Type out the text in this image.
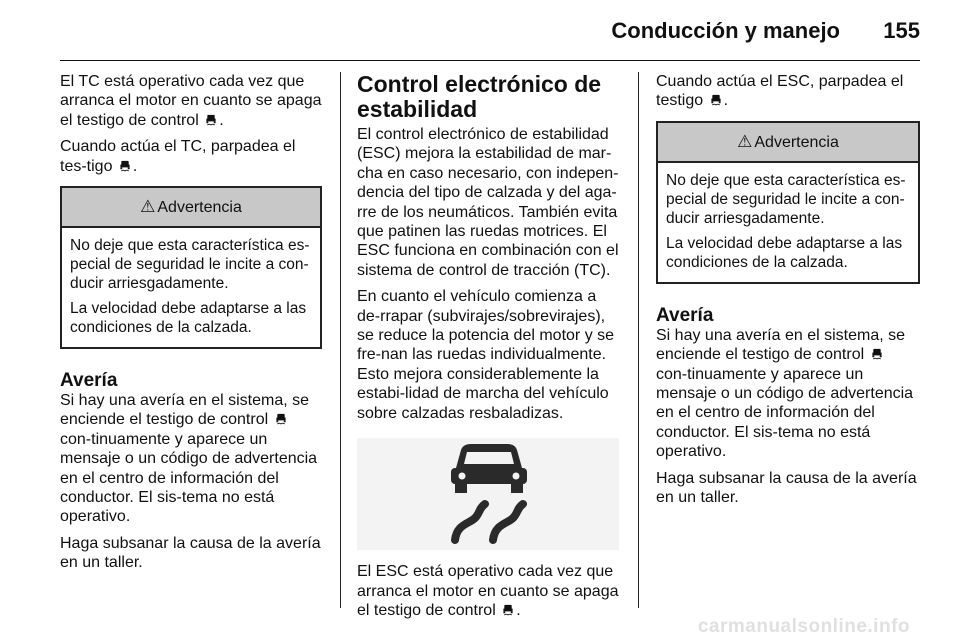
Conducción y manejo 155

El TC está operativo cada vez que arranca el motor en cuanto se apaga el testigo de control .

Cuando actúa el TC, parpadea el tes-tigo .

⚠ Advertencia

No deje que esta característica es-pecial de seguridad le incite a con-ducir arriesgadamente.

La velocidad debe adaptarse a las condiciones de la calzada.

Avería

Si hay una avería en el sistema, se enciende el testigo de control  con-tinuamente y aparece un mensaje o un código de advertencia en el centro de información del conductor. El sis-tema no está operativo.

Haga subsanar la causa de la avería en un taller.

Control electrónico de estabilidad

El control electrónico de estabilidad (ESC) mejora la estabilidad de mar-cha en caso necesario, con indepen-dencia del tipo de calzada y del aga-rre de los neumáticos. También evita que patinen las ruedas motrices. El ESC funciona en combinación con el sistema de control de tracción (TC).

En cuanto el vehículo comienza a de-rrapar (subvirajes/sobrevirajes), se reduce la potencia del motor y se fre-nan las ruedas individualmente. Esto mejora considerablemente la estabi-lidad de marcha del vehículo sobre calzadas resbaladizas.

El ESC está operativo cada vez que arranca el motor en cuanto se apaga el testigo de control .

Cuando actúa el ESC, parpadea el testigo .

⚠ Advertencia

No deje que esta característica es-pecial de seguridad le incite a con-ducir arriesgadamente.

La velocidad debe adaptarse a las condiciones de la calzada.

Avería

Si hay una avería en el sistema, se enciende el testigo de control  con-tinuamente y aparece un mensaje o un código de advertencia en el centro de información del conductor. El sis-tema no está operativo.

Haga subsanar la causa de la avería en un taller.

carmanualsonline.info
